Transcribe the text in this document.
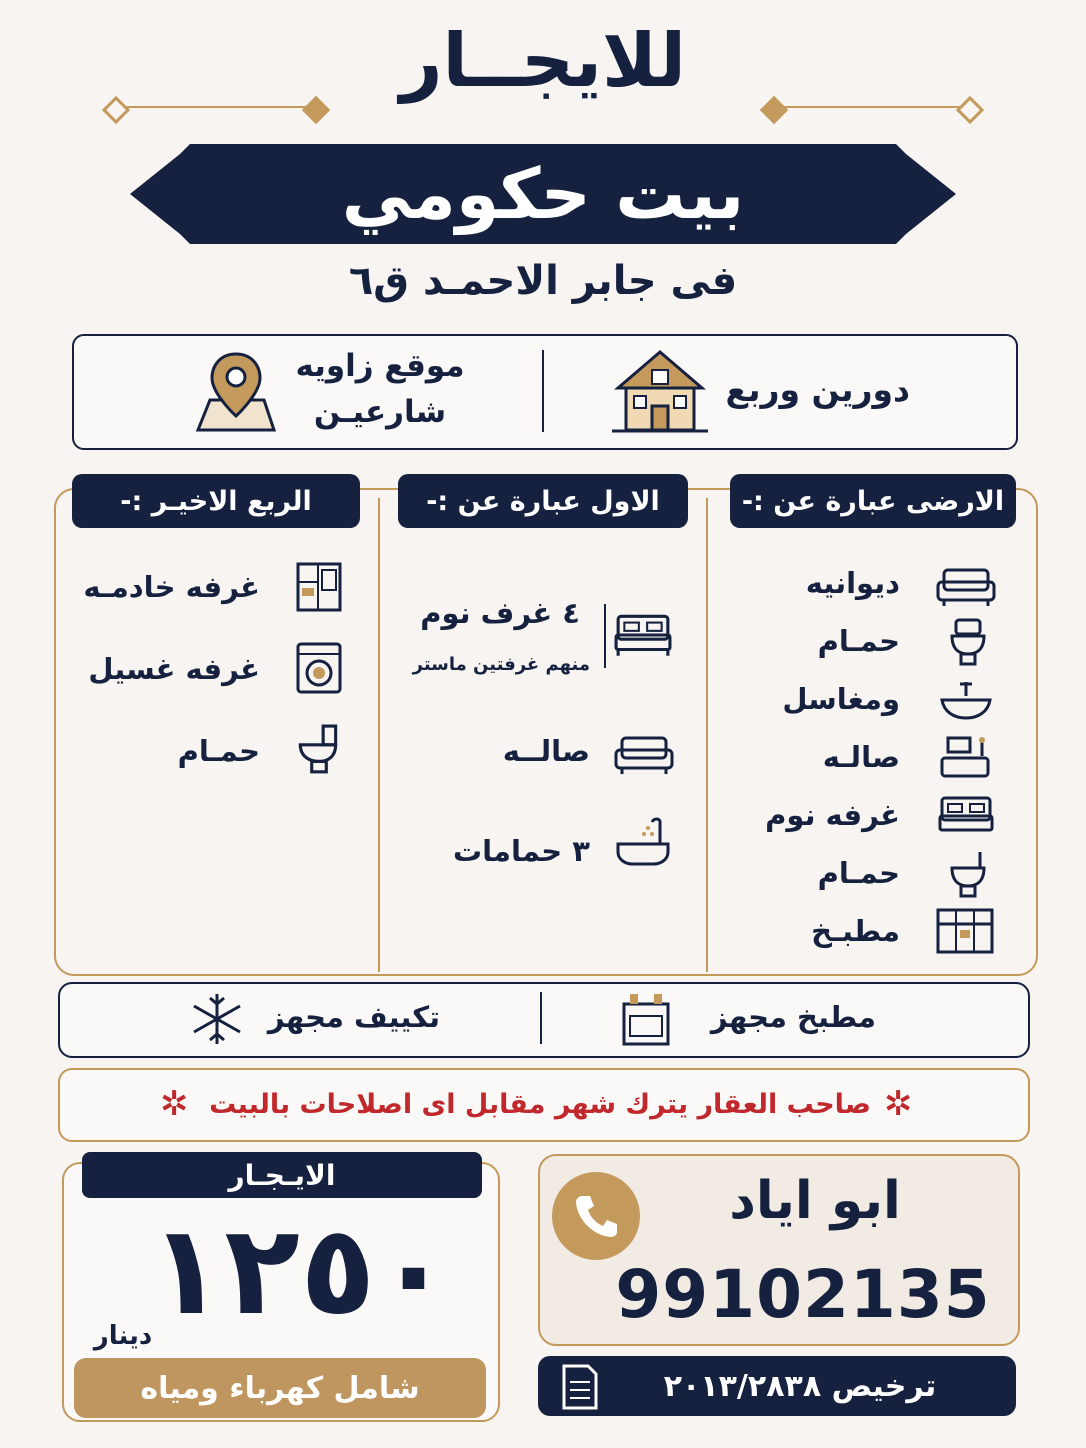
للايجــار
بيت حكومي
فى جابر الاحمـد ق٦
دورين وربع
موقع زاويه
شارعيـن
الارضى عبارة عن :-
ديوانيه
حمـام
ومغاسل
صالـه
غرفه نوم
حمـام
مطبـخ
الاول عبارة عن :-
٤ غرف نوم
منهم غرفتين ماستر
صالــه
٣ حمامات
الربع الاخيـر :-
غرفه خادمـه
غرفه غسيل
حمـام
مطبخ مجهز
تكييف مجهز
صاحب العقار يترك شهر مقابل اى اصلاحات بالبيت ✲
✲
الايـجـار
١٢٥٠
دينار
شامل كهرباء ومياه
ابو اياد
99102135
ترخيص ٢٠١٣/٢٨٣٨
